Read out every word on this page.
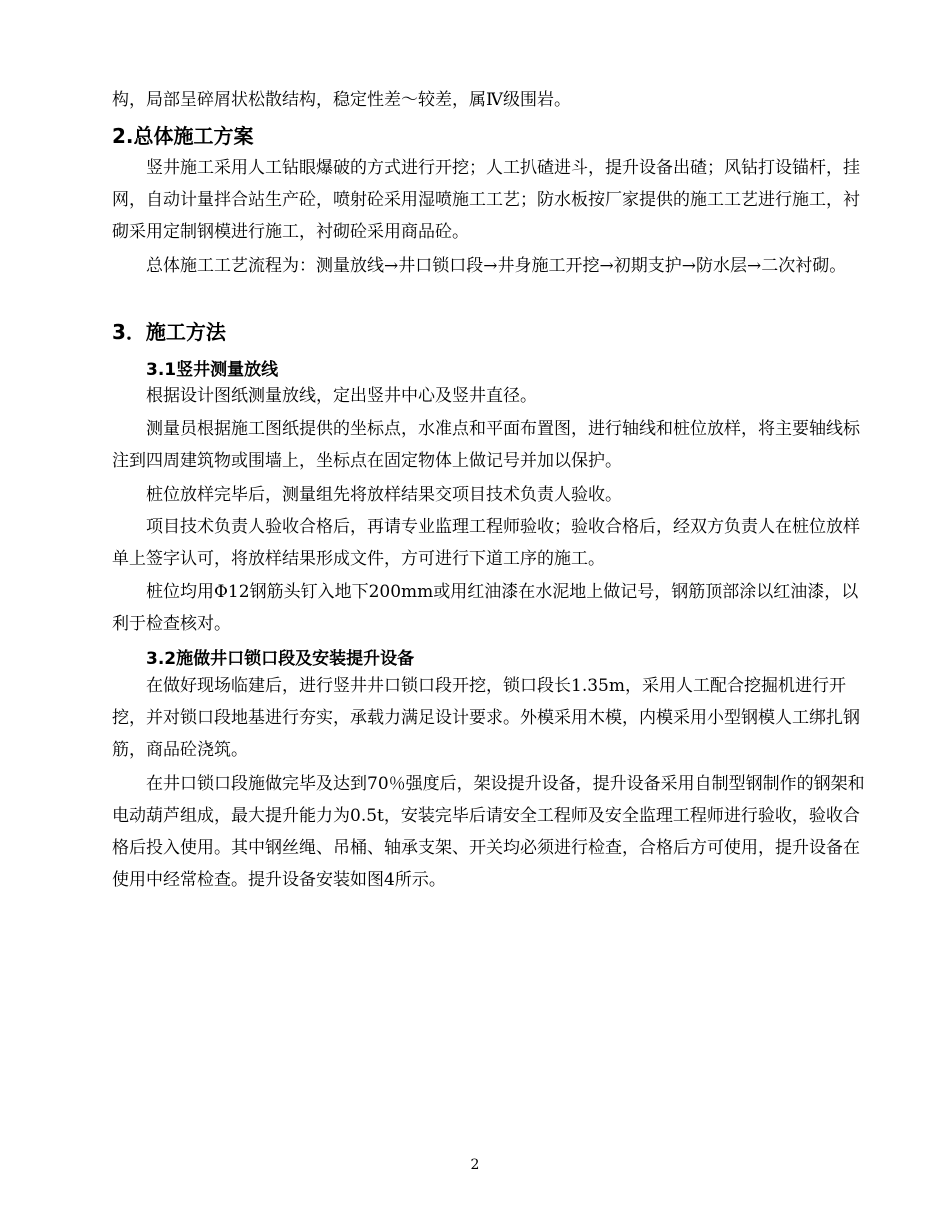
构，局部呈碎屑状松散结构，稳定性差～较差，属Ⅳ级围岩。

2.总体施工方案

竖井施工采用人工钻眼爆破的方式进行开挖；人工扒碴进斗，提升设备出碴；风钻打设锚杆，挂网，自动计量拌合站生产砼，喷射砼采用湿喷施工工艺；防水板按厂家提供的施工工艺进行施工，衬砌采用定制钢模进行施工，衬砌砼采用商品砼。

总体施工工艺流程为：测量放线→井口锁口段→井身施工开挖→初期支护→防水层→二次衬砌。

3．施工方法
3.1竖井测量放线

根据设计图纸测量放线，定出竖井中心及竖井直径。

测量员根据施工图纸提供的坐标点，水准点和平面布置图，进行轴线和桩位放样，将主要轴线标注到四周建筑物或围墙上，坐标点在固定物体上做记号并加以保护。

桩位放样完毕后，测量组先将放样结果交项目技术负责人验收。

项目技术负责人验收合格后，再请专业监理工程师验收；验收合格后，经双方负责人在桩位放样单上签字认可，将放样结果形成文件，方可进行下道工序的施工。

桩位均用Φ12钢筋头钉入地下200mm或用红油漆在水泥地上做记号，钢筋顶部涂以红油漆，以利于检查核对。

3.2施做井口锁口段及安装提升设备

在做好现场临建后，进行竖井井口锁口段开挖，锁口段长1.35m，采用人工配合挖掘机进行开挖，并对锁口段地基进行夯实，承载力满足设计要求。外模采用木模，内模采用小型钢模人工绑扎钢筋，商品砼浇筑。

在井口锁口段施做完毕及达到70％强度后，架设提升设备，提升设备采用自制型钢制作的钢架和电动葫芦组成，最大提升能力为0.5t，安装完毕后请安全工程师及安全监理工程师进行验收，验收合格后投入使用。其中钢丝绳、吊桶、轴承支架、开关均必须进行检查，合格后方可使用，提升设备在使用中经常检查。提升设备安装如图4所示。

2
